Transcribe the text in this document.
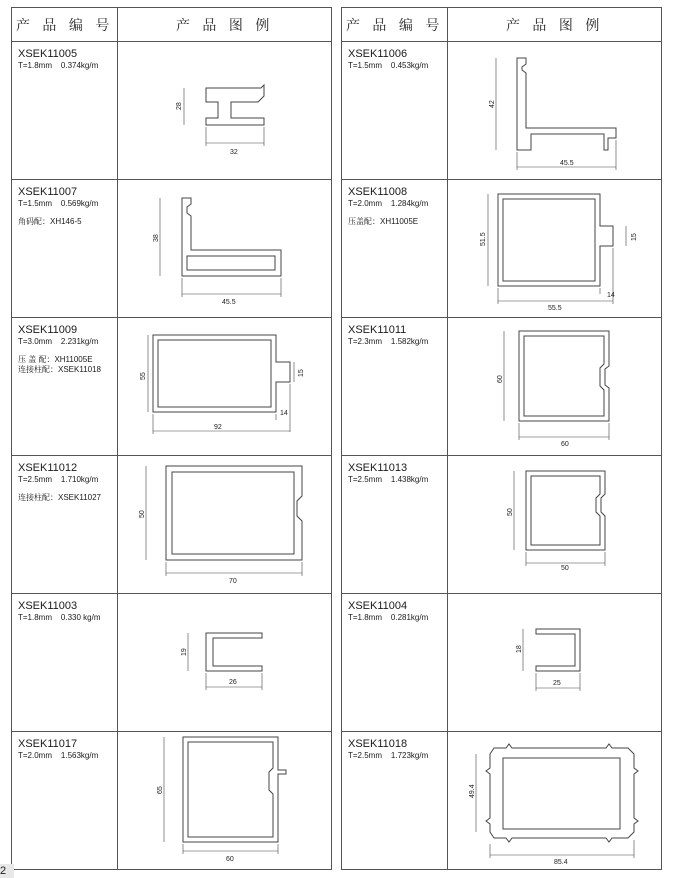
产 品 编 号	产 品 图 例

XSEK11005
T=1.8mm    0.374kg/m	28
32

XSEK11007
T=1.5mm    0.569kg/m
角码配：XH146-5	38
45.5

XSEK11009
T=3.0mm    2.231kg/m
压 盖 配：XH11005E
连接柱配：XSEK11018	55 15
14
92

XSEK11012
T=2.5mm    1.710kg/m
连接柱配：XSEK11027	50
70

XSEK11003
T=1.8mm    0.330 kg/m	19
26

XSEK11017
T=2.0mm    1.563kg/m	65
60
产 品 编 号	产 品 图 例

XSEK11006
T=1.5mm    0.453kg/m	42
45.5

XSEK11008
T=2.0mm    1.284kg/m
压盖配：XH11005E	51.5 15
14
55.5

XSEK11011
T=2.3mm    1.582kg/m	60
60

XSEK11013
T=2.5mm    1.438kg/m	50
50

XSEK11004
T=1.8mm    0.281kg/m	18
25

XSEK11018
T=2.5mm    1.723kg/m	49.4
85.4
2
